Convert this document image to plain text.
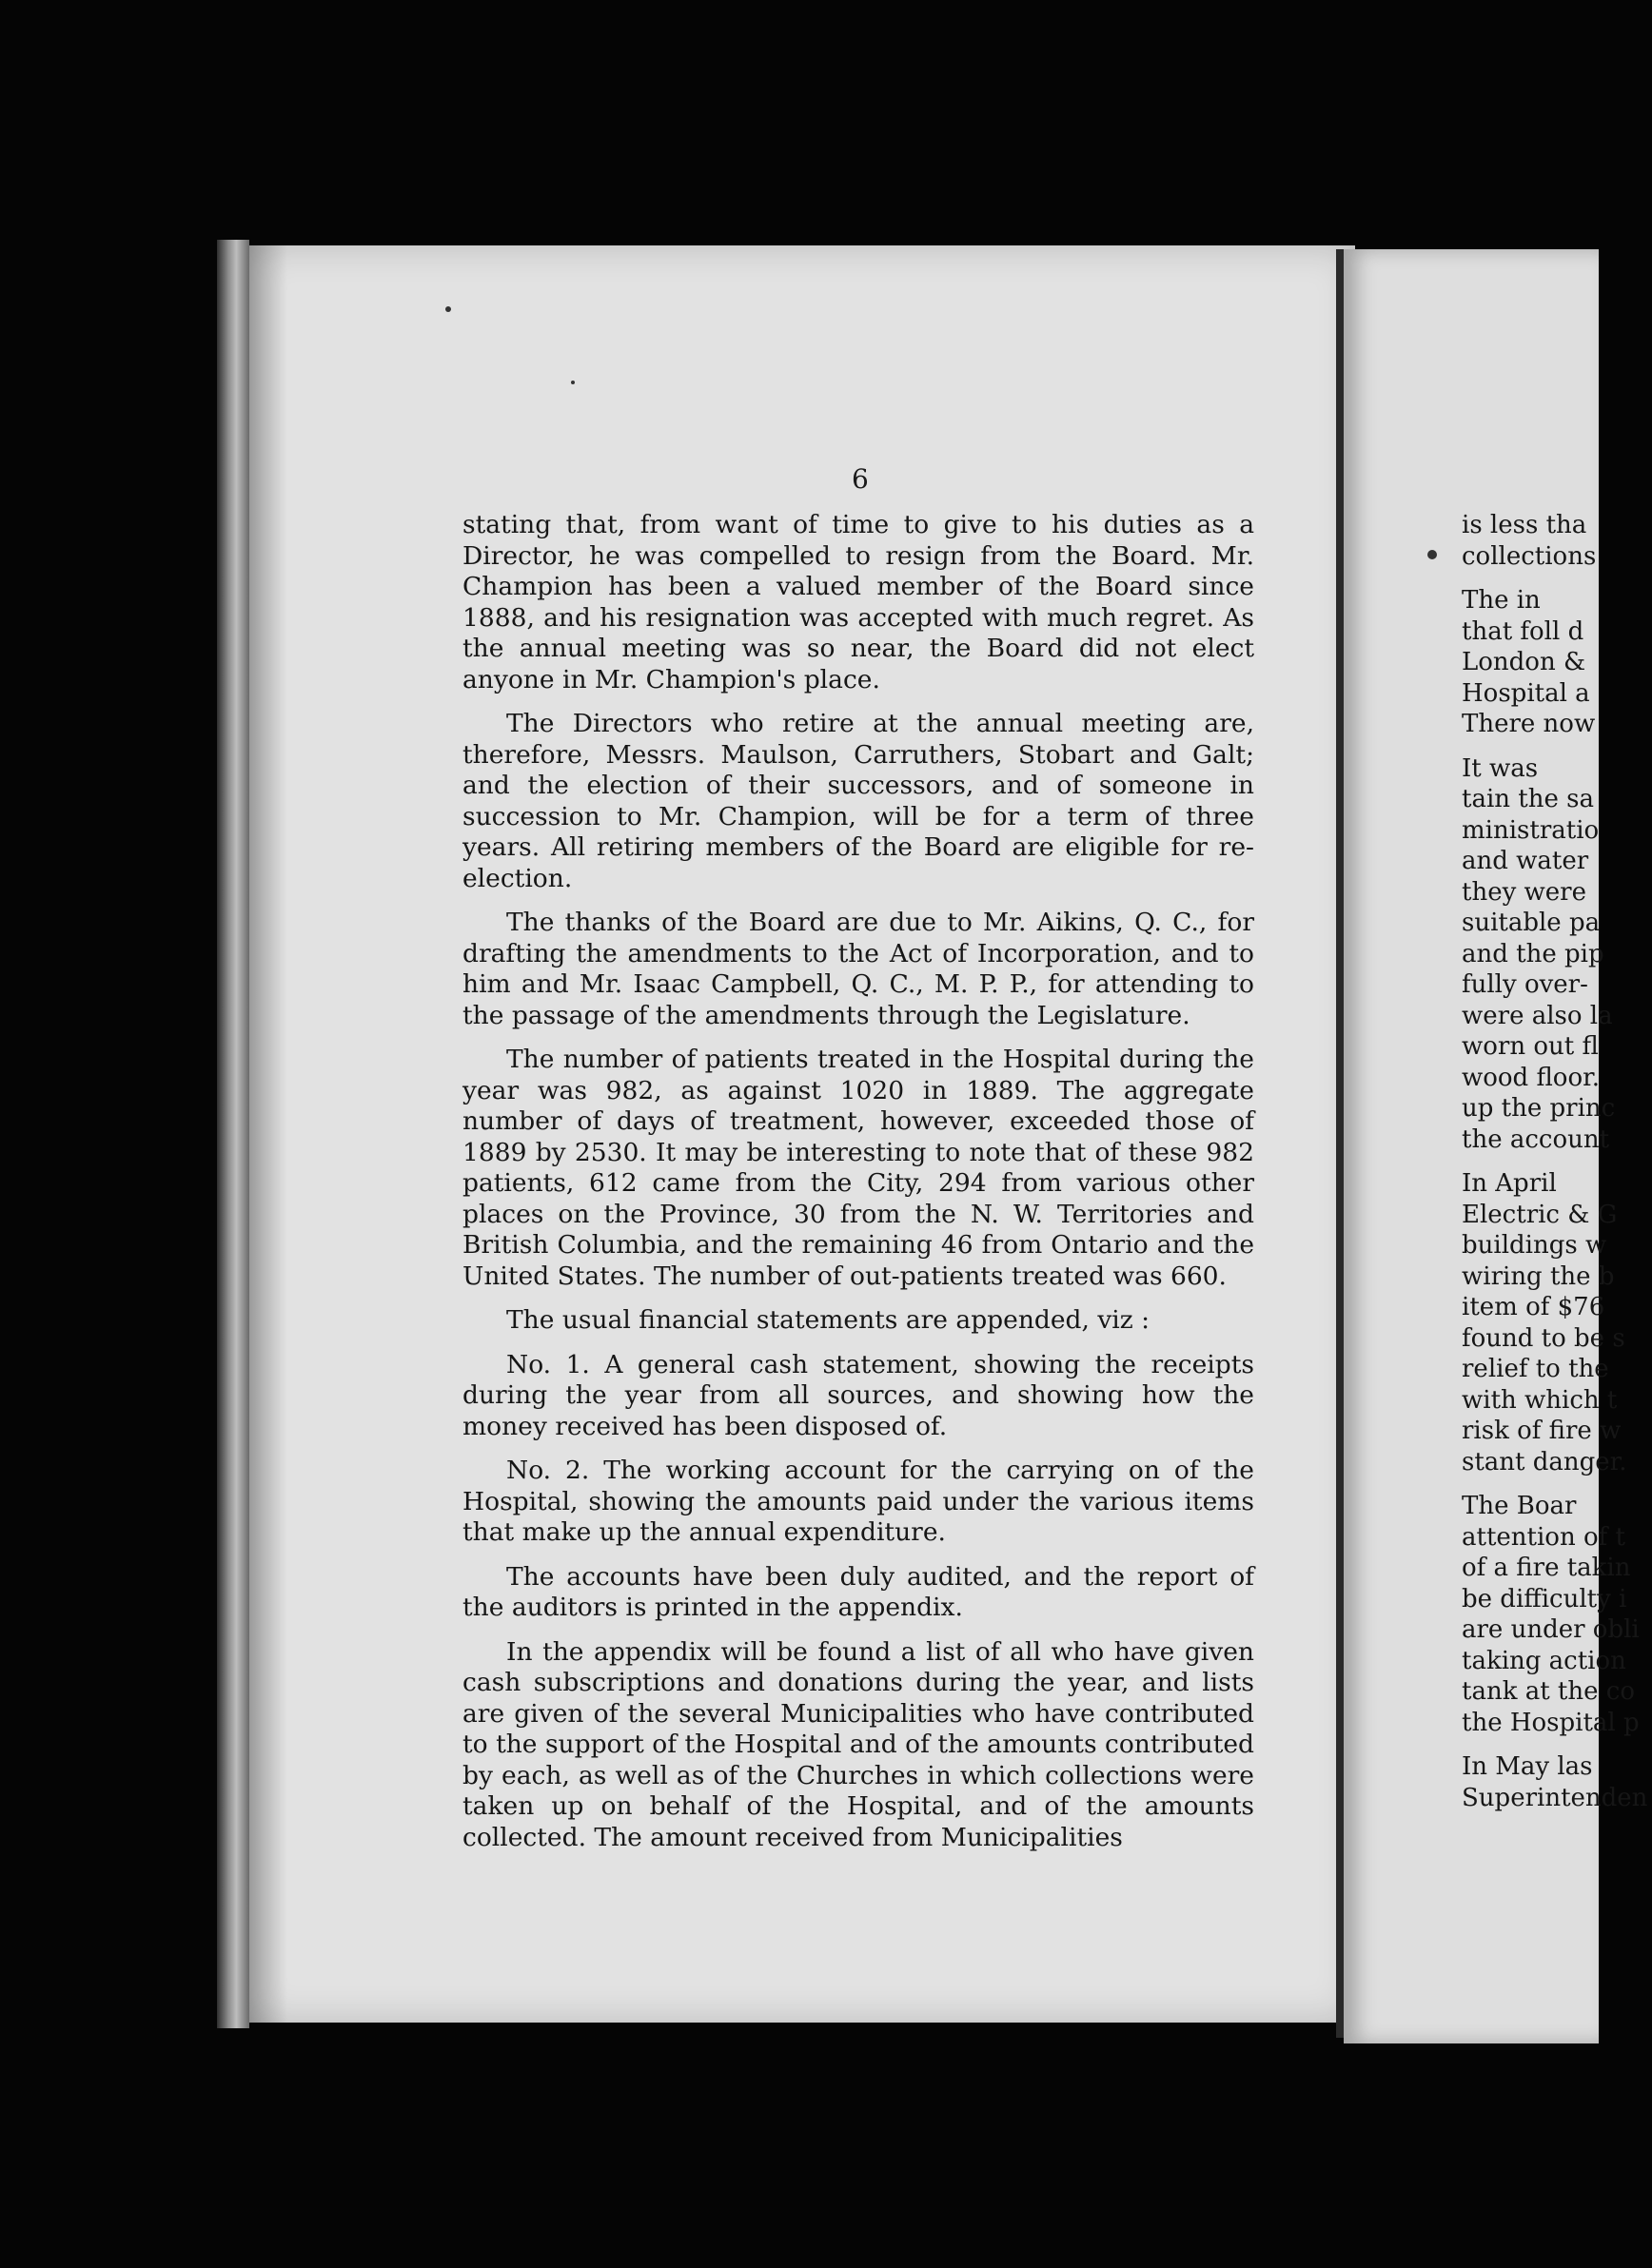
6

stating that, from want of time to give to his duties as a Director, he was compelled to resign from the Board. Mr. Champion has been a valued member of the Board since 1888, and his resignation was accepted with much regret. As the annual meeting was so near, the Board did not elect anyone in Mr. Champion's place.

The Directors who retire at the annual meeting are, therefore, Messrs. Maulson, Carruthers, Stobart and Galt; and the election of their successors, and of someone in succession to Mr. Champion, will be for a term of three years. All retiring members of the Board are eligible for re-election.

The thanks of the Board are due to Mr. Aikins, Q. C., for drafting the amendments to the Act of Incorporation, and to him and Mr. Isaac Campbell, Q. C., M. P. P., for attending to the passage of the amendments through the Legislature.

The number of patients treated in the Hospital during the year was 982, as against 1020 in 1889. The aggregate number of days of treatment, however, exceeded those of 1889 by 2530. It may be interesting to note that of these 982 patients, 612 came from the City, 294 from various other places on the Province, 30 from the N. W. Territories and British Columbia, and the remaining 46 from Ontario and the United States. The number of out-patients treated was 660.

The usual financial statements are appended, viz :

No. 1. A general cash statement, showing the receipts during the year from all sources, and showing how the money received has been disposed of.

No. 2. The working account for the carrying on of the Hospital, showing the amounts paid under the various items that make up the annual expenditure.

The accounts have been duly audited, and the report of the auditors is printed in the appendix.

In the appendix will be found a list of all who have given cash subscriptions and donations during the year, and lists are given of the several Municipalities who have contributed to the support of the Hospital and of the amounts contributed by each, as well as of the Churches in which collections were taken up on behalf of the Hospital, and of the amounts collected. The amount received from Municipalities

is less tha
collections
The in
that foll d
London &
Hospital a
There now
It was
tain the sa
ministratio
and water
they were
suitable pa
and the pip
fully over-
were also la
worn out fl
wood floor.
up the princ
the account
In April
Electric & G
buildings w
wiring the b
item of $76
found to be s
relief to the
with which t
risk of fire w
stant danger.
The Boar
attention of t
of a fire takin
be difficulty i
are under obli
taking action
tank at the co
the Hospital p
In May las
Superintenden
